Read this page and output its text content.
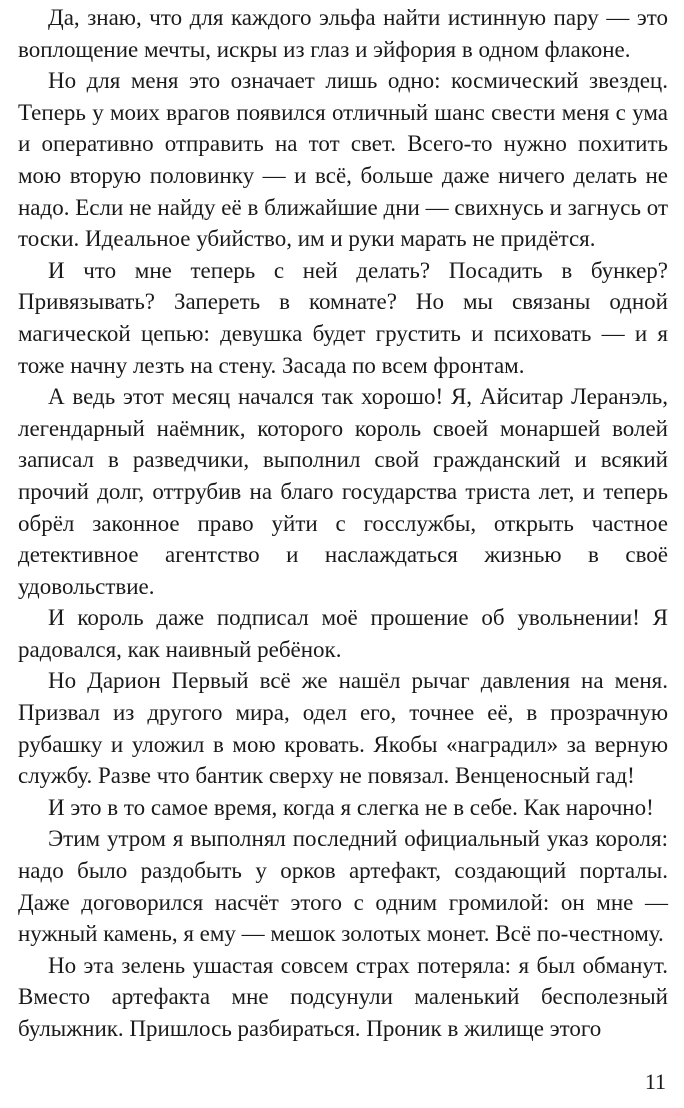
Да, знаю, что для каждого эльфа найти истинную пару — это воплощение мечты, искры из глаз и эйфория в одном флаконе.

Но для меня это означает лишь одно: космический звездец. Теперь у моих врагов появился отличный шанс свести меня с ума и оперативно отправить на тот свет. Всего-то нужно похитить мою вторую половинку — и всё, больше даже ничего делать не надо. Если не найду её в ближайшие дни — свихнусь и загнусь от тоски. Идеальное убийство, им и руки марать не придётся.

И что мне теперь с ней делать? Посадить в бункер? Привязывать? Запереть в комнате? Но мы связаны одной магической цепью: девушка будет грустить и психовать — и я тоже начну лезть на стену. Засада по всем фронтам.

А ведь этот месяц начался так хорошо! Я, Айситар Леранэль, легендарный наёмник, которого король своей монаршей волей записал в разведчики, выполнил свой гражданский и всякий прочий долг, оттрубив на благо государства триста лет, и теперь обрёл законное право уйти с госслужбы, открыть частное детективное агентство и наслаждаться жизнью в своё удовольствие.

И король даже подписал моё прошение об увольнении! Я радовался, как наивный ребёнок.

Но Дарион Первый всё же нашёл рычаг давления на меня. Призвал из другого мира, одел его, точнее её, в прозрачную рубашку и уложил в мою кровать. Якобы «наградил» за верную службу. Разве что бантик сверху не повязал. Венценосный гад!

И это в то самое время, когда я слегка не в себе. Как нарочно!

Этим утром я выполнял последний официальный указ короля: надо было раздобыть у орков артефакт, создающий порталы. Даже договорился насчёт этого с одним громилой: он мне — нужный камень, я ему — мешок золотых монет. Всё по-честному.

Но эта зелень ушастая совсем страх потеряла: я был обманут. Вместо артефакта мне подсунули маленький бесполезный булыжник. Пришлось разбираться. Проник в жилище этого

11
